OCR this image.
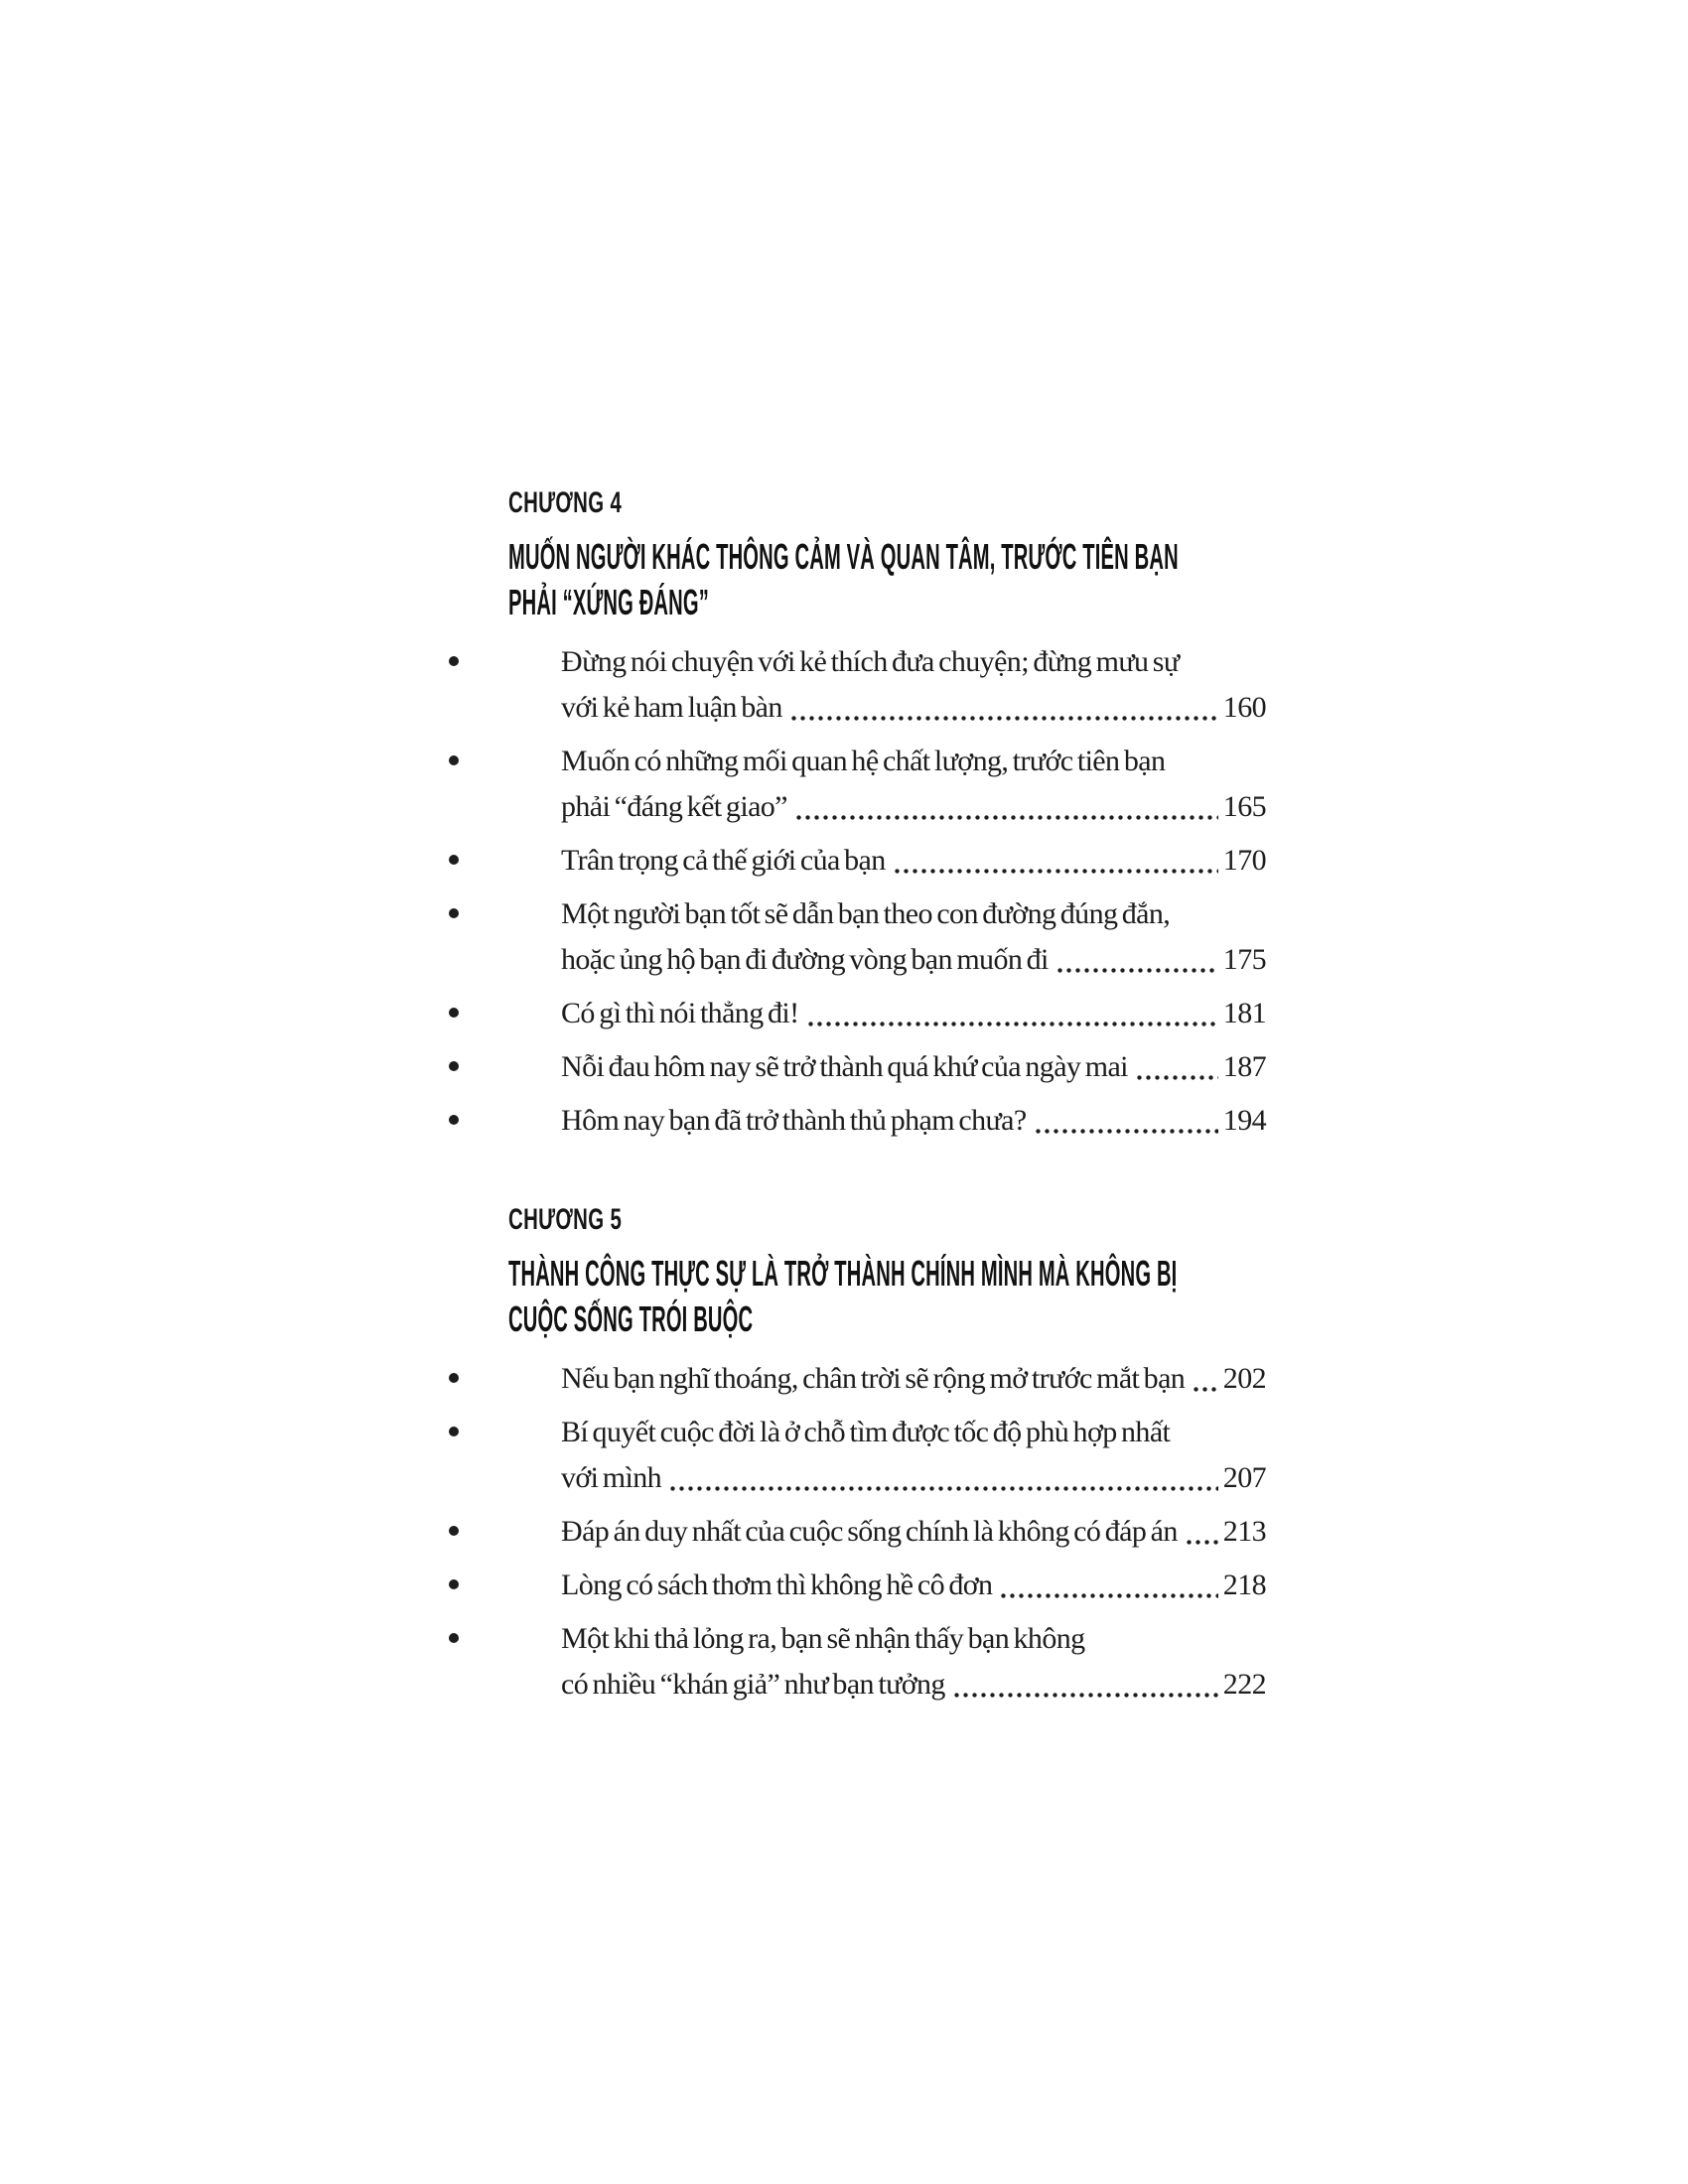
CHƯƠNG 4
MUỐN NGƯỜI KHÁC THÔNG CẢM VÀ QUAN TÂM, TRƯỚC TIÊN BẠN
PHẢI “XỨNG ĐÁNG”
Đừng nói chuyện với kẻ thích đưa chuyện; đừng mưu sự
với kẻ ham luận bàn	160
Muốn có những mối quan hệ chất lượng, trước tiên bạn
phải “đáng kết giao”	165
Trân trọng cả thế giới của bạn	170
Một người bạn tốt sẽ dẫn bạn theo con đường đúng đắn,
hoặc ủng hộ bạn đi đường vòng bạn muốn đi	175
Có gì thì nói thẳng đi!	181
Nỗi đau hôm nay sẽ trở thành quá khứ của ngày mai	187
Hôm nay bạn đã trở thành thủ phạm chưa?	194
CHƯƠNG 5
THÀNH CÔNG THỰC SỰ LÀ TRỞ THÀNH CHÍNH MÌNH MÀ KHÔNG BỊ
CUỘC SỐNG TRÓI BUỘC
Nếu bạn nghĩ thoáng, chân trời sẽ rộng mở trước mắt bạn 202
Bí quyết cuộc đời là ở chỗ tìm được tốc độ phù hợp nhất
với mình	207
Đáp án duy nhất của cuộc sống chính là không có đáp án 213
Lòng có sách thơm thì không hề cô đơn	218
Một khi thả lỏng ra, bạn sẽ nhận thấy bạn không
có nhiều “khán giả” như bạn tưởng	222
